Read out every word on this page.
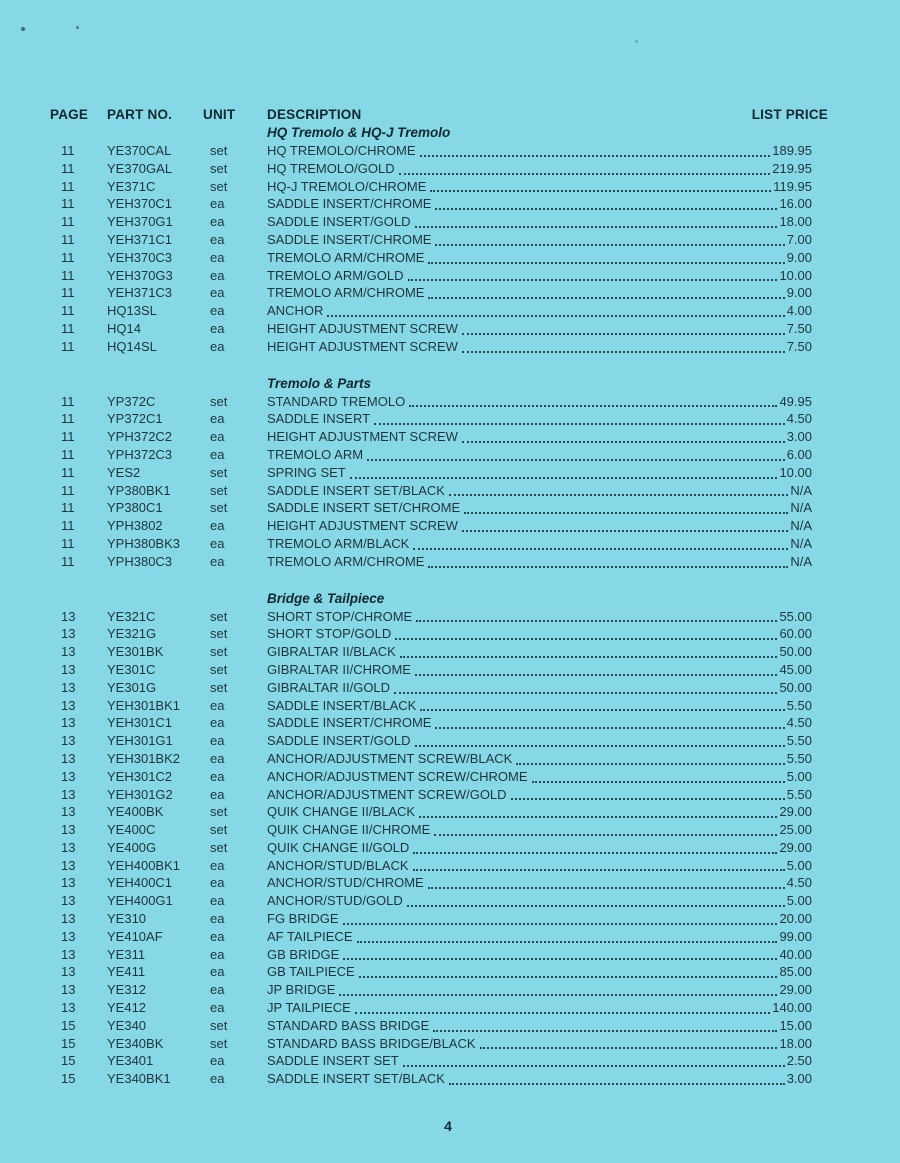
PAGE	PART NO.	UNIT	DESCRIPTION	LIST PRICE
HQ Tremolo & HQ-J Tremolo
11	YE370CAL	set	HQ TREMOLO/CHROME	189.95
11	YE370GAL	set	HQ TREMOLO/GOLD	219.95
11	YE371C	set	HQ-J TREMOLO/CHROME	119.95
11	YEH370C1	ea	SADDLE INSERT/CHROME	16.00
11	YEH370G1	ea	SADDLE INSERT/GOLD	18.00
11	YEH371C1	ea	SADDLE INSERT/CHROME	7.00
11	YEH370C3	ea	TREMOLO ARM/CHROME	9.00
11	YEH370G3	ea	TREMOLO ARM/GOLD	10.00
11	YEH371C3	ea	TREMOLO ARM/CHROME	9.00
11	HQ13SL	ea	ANCHOR	4.00
11	HQ14	ea	HEIGHT ADJUSTMENT SCREW	7.50
11	HQ14SL	ea	HEIGHT ADJUSTMENT SCREW	7.50
Tremolo & Parts
11	YP372C	set	STANDARD TREMOLO	49.95
11	YP372C1	ea	SADDLE INSERT	4.50
11	YPH372C2	ea	HEIGHT ADJUSTMENT SCREW	3.00
11	YPH372C3	ea	TREMOLO ARM	6.00
11	YES2	set	SPRING SET	10.00
11	YP380BK1	set	SADDLE INSERT SET/BLACK	N/A
11	YP380C1	set	SADDLE INSERT SET/CHROME	N/A
11	YPH3802	ea	HEIGHT ADJUSTMENT SCREW	N/A
11	YPH380BK3	ea	TREMOLO ARM/BLACK	N/A
11	YPH380C3	ea	TREMOLO ARM/CHROME	N/A
Bridge & Tailpiece
13	YE321C	set	SHORT STOP/CHROME	55.00
13	YE321G	set	SHORT STOP/GOLD	60.00
13	YE301BK	set	GIBRALTAR II/BLACK	50.00
13	YE301C	set	GIBRALTAR II/CHROME	45.00
13	YE301G	set	GIBRALTAR II/GOLD	50.00
13	YEH301BK1	ea	SADDLE INSERT/BLACK	5.50
13	YEH301C1	ea	SADDLE INSERT/CHROME	4.50
13	YEH301G1	ea	SADDLE INSERT/GOLD	5.50
13	YEH301BK2	ea	ANCHOR/ADJUSTMENT SCREW/BLACK	5.50
13	YEH301C2	ea	ANCHOR/ADJUSTMENT SCREW/CHROME	5.00
13	YEH301G2	ea	ANCHOR/ADJUSTMENT SCREW/GOLD	5.50
13	YE400BK	set	QUIK CHANGE II/BLACK	29.00
13	YE400C	set	QUIK CHANGE II/CHROME	25.00
13	YE400G	set	QUIK CHANGE II/GOLD	29.00
13	YEH400BK1	ea	ANCHOR/STUD/BLACK	5.00
13	YEH400C1	ea	ANCHOR/STUD/CHROME	4.50
13	YEH400G1	ea	ANCHOR/STUD/GOLD	5.00
13	YE310	ea	FG BRIDGE	20.00
13	YE410AF	ea	AF TAILPIECE	99.00
13	YE311	ea	GB BRIDGE	40.00
13	YE411	ea	GB TAILPIECE	85.00
13	YE312	ea	JP BRIDGE	29.00
13	YE412	ea	JP TAILPIECE	140.00
15	YE340	set	STANDARD BASS BRIDGE	15.00
15	YE340BK	set	STANDARD BASS BRIDGE/BLACK	18.00
15	YE3401	ea	SADDLE INSERT SET	2.50
15	YE340BK1	ea	SADDLE INSERT SET/BLACK	3.00
4
